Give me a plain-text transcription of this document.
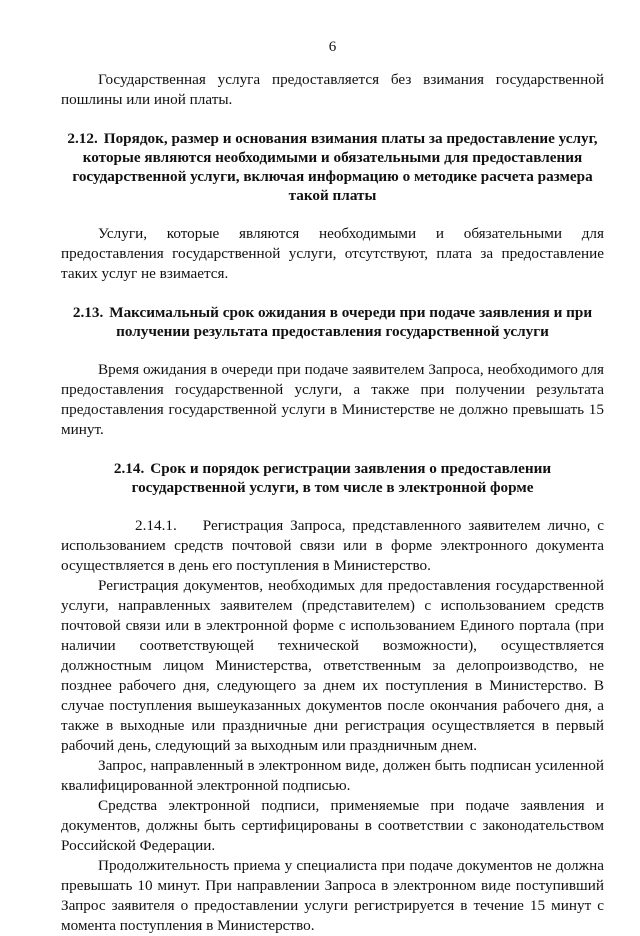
6

Государственная услуга предоставляется без взимания государственной пошлины или иной платы.

2.12. Порядок, размер и основания взимания платы за предоставление услуг, которые являются необходимыми и обязательными для предоставления государственной услуги, включая информацию о методике расчета размера такой платы

Услуги, которые являются необходимыми и обязательными для предоставления государственной услуги, отсутствуют, плата за предоставление таких услуг не взимается.

2.13. Максимальный срок ожидания в очереди при подаче заявления и при получении результата предоставления государственной услуги

Время ожидания в очереди при подаче заявителем Запроса, необходимого для предоставления государственной услуги, а также при получении результата предоставления государственной услуги в Министерстве не должно превышать 15 минут.

2.14. Срок и порядок регистрации заявления о предоставлении государственной услуги, в том числе в электронной форме

2.14.1. Регистрация Запроса, представленного заявителем лично, с использованием средств почтовой связи или в форме электронного документа осуществляется в день его поступления в Министерство.

Регистрация документов, необходимых для предоставления государственной услуги, направленных заявителем (представителем) с использованием средств почтовой связи или в электронной форме с использованием Единого портала (при наличии соответствующей технической возможности), осуществляется должностным лицом Министерства, ответственным за делопроизводство, не позднее рабочего дня, следующего за днем их поступления в Министерство. В случае поступления вышеуказанных документов после окончания рабочего дня, а также в выходные или праздничные дни регистрация осуществляется в первый рабочий день, следующий за выходным или праздничным днем.

Запрос, направленный в электронном виде, должен быть подписан усиленной квалифицированной электронной подписью.

Средства электронной подписи, применяемые при подаче заявления и документов, должны быть сертифицированы в соответствии с законодательством Российской Федерации.

Продолжительность приема у специалиста при подаче документов не должна превышать 10 минут. При направлении Запроса в электронном виде поступивший Запрос заявителя о предоставлении услуги регистрируется в течение 15 минут с момента поступления в Министерство.
